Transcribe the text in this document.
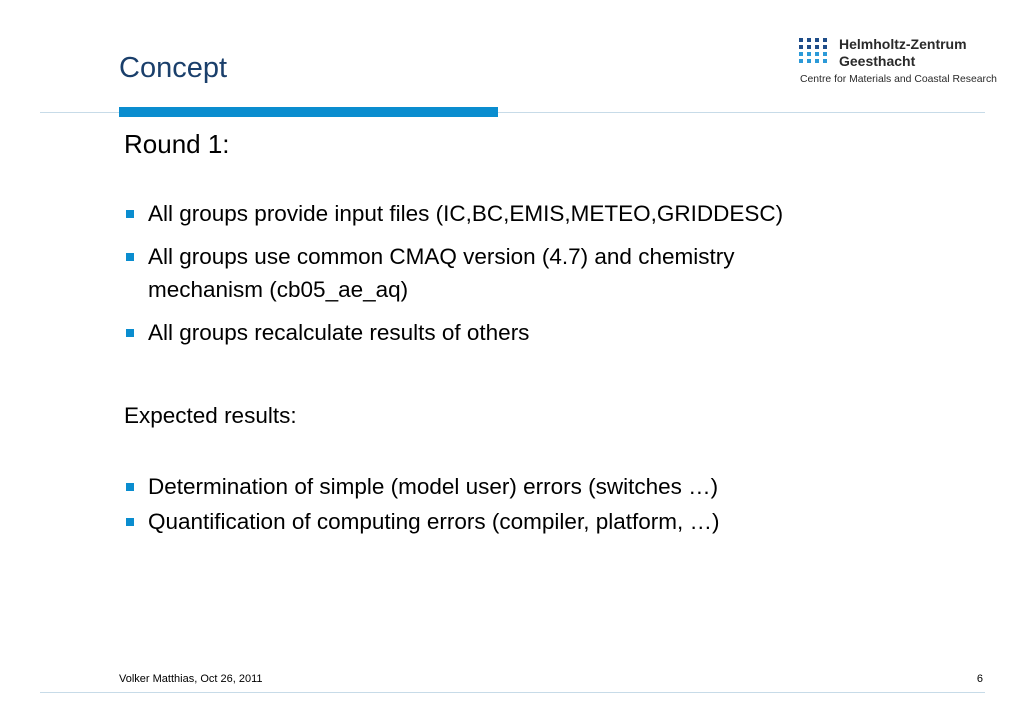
Concept
Helmholtz-Zentrum
Geesthacht
Centre for Materials and Coastal Research
Round 1:
All groups provide input files (IC,BC,EMIS,METEO,GRIDDESC)
All groups use common CMAQ version (4.7) and chemistry
mechanism (cb05_ae_aq)
All groups recalculate results of others
Expected results:
Determination of simple (model user) errors (switches …)
Quantification of computing errors (compiler, platform, …)
Volker Matthias, Oct 26, 2011	6
